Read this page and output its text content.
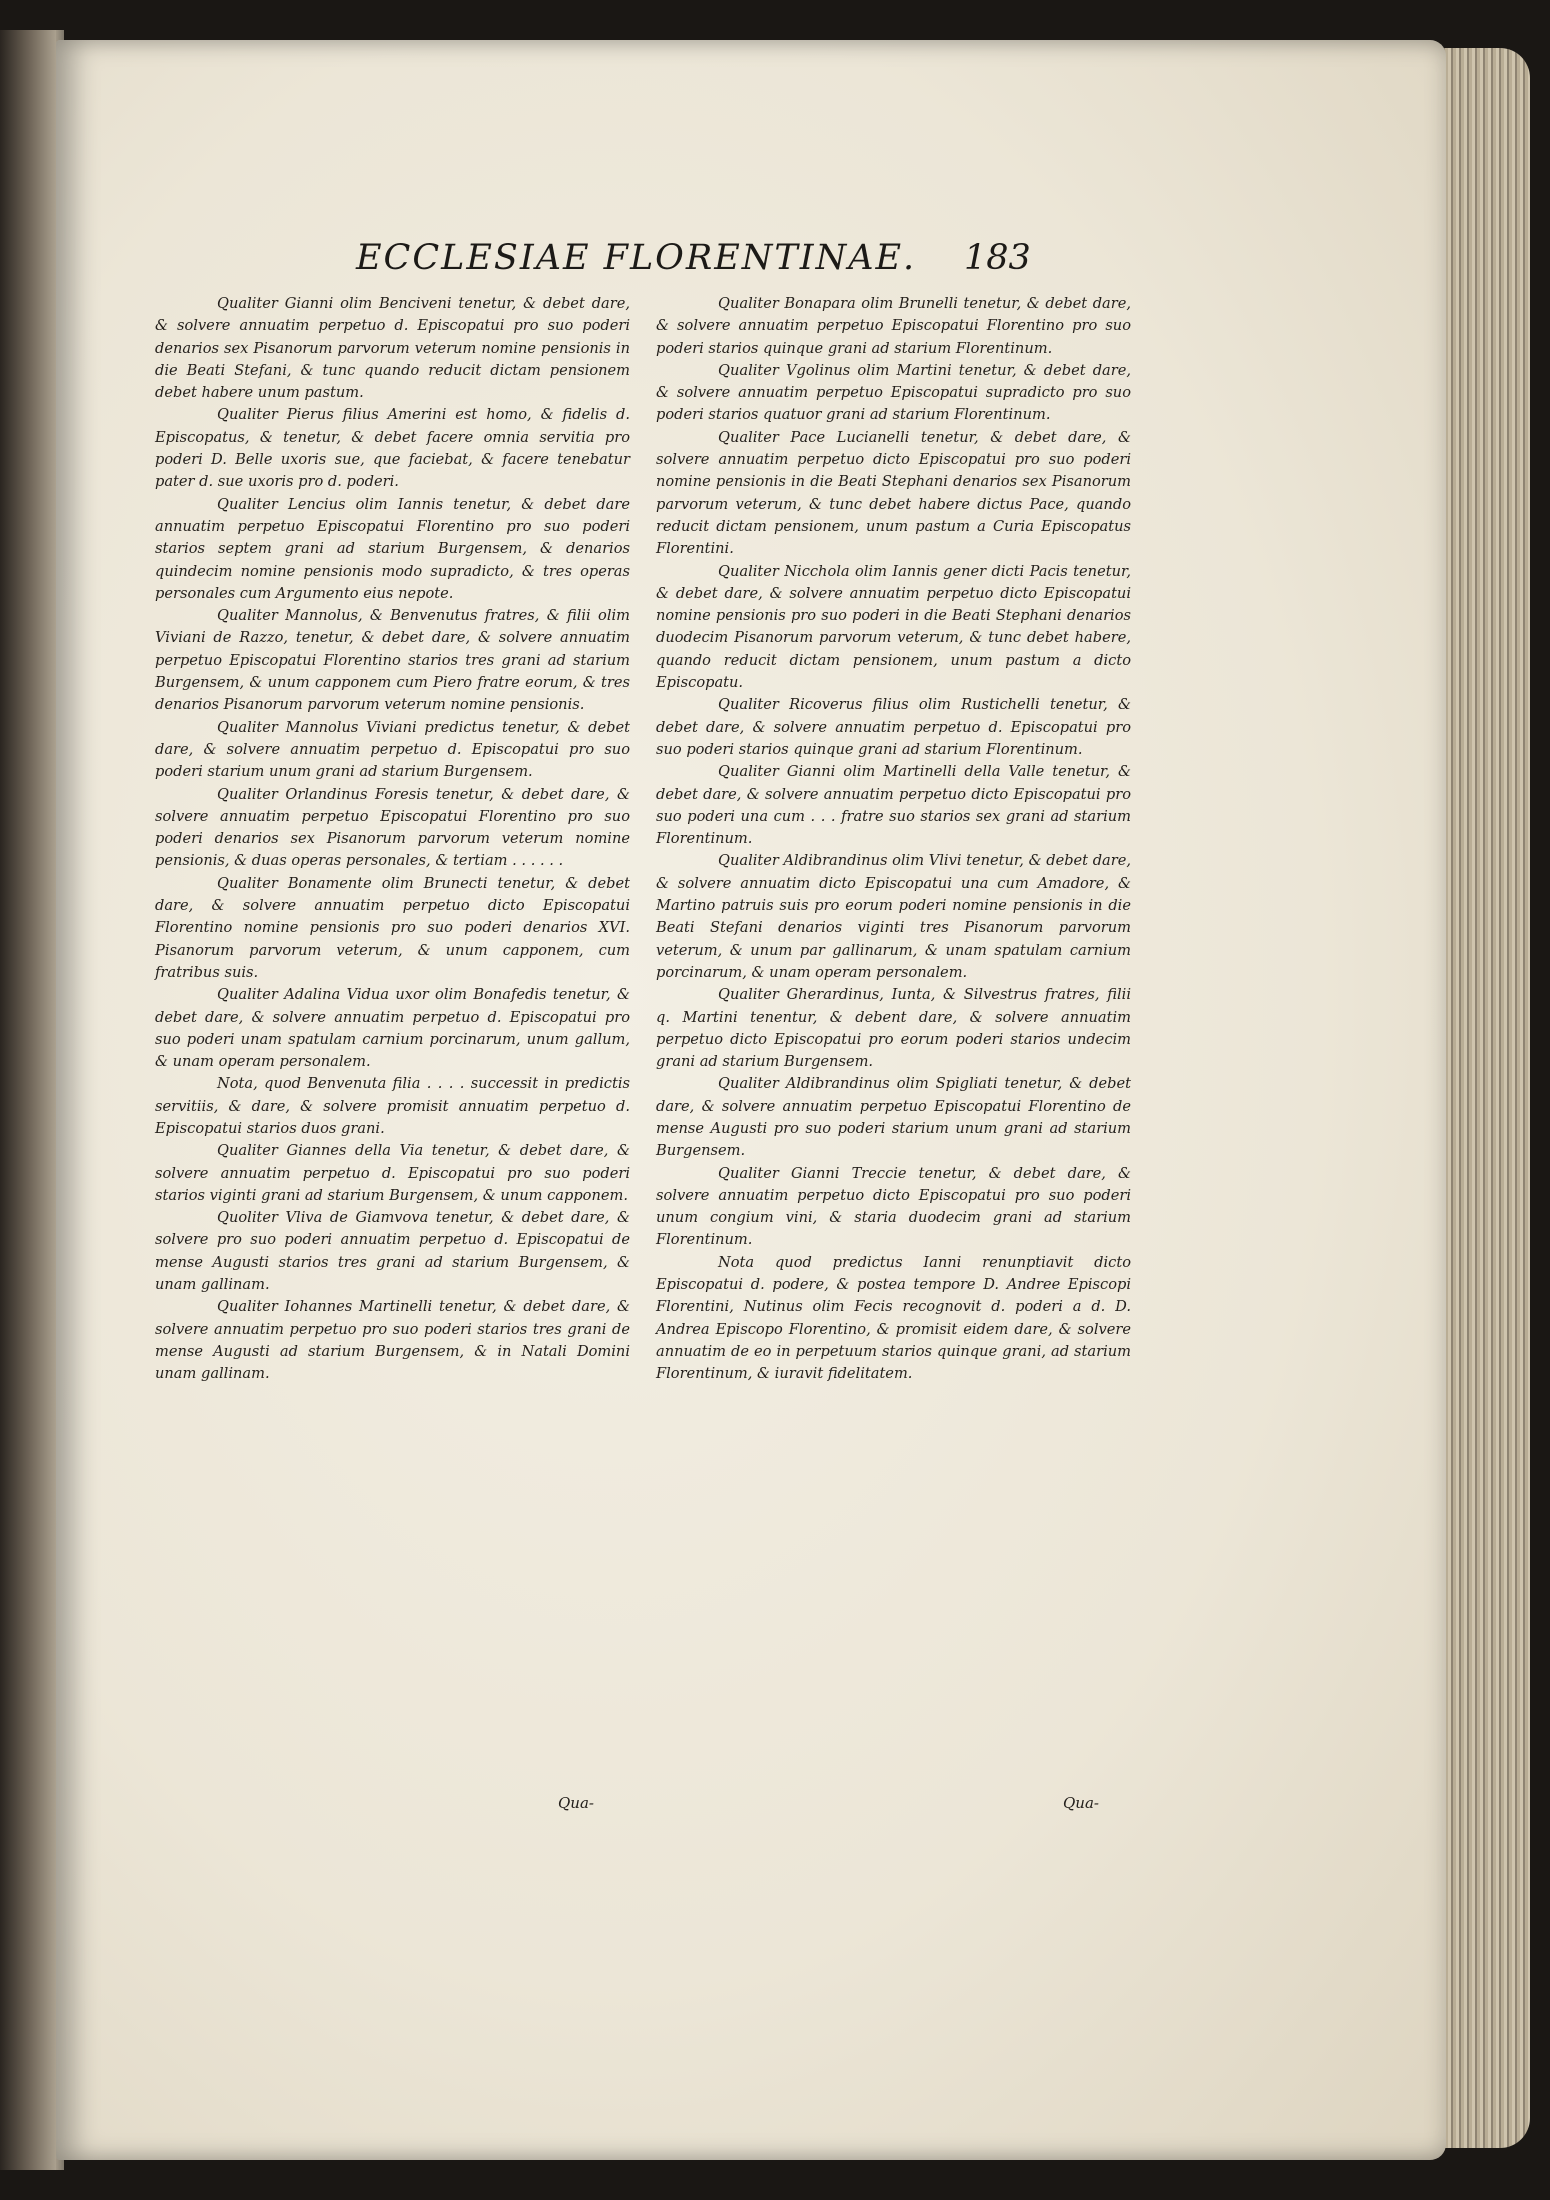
ECCLESIAE FLORENTINAE.	183

Qualiter Gianni olim Benciveni tenetur, & debet dare, & solvere annuatim perpetuo d. Episcopatui pro suo poderi denarios sex Pisanorum parvorum veterum nomine pensionis in die Beati Stefani, & tunc quando reducit dictam pensionem debet habere unum pastum.

Qualiter Pierus filius Amerini est homo, & fidelis d. Episcopatus, & tenetur, & debet facere omnia servitia pro poderi D. Belle uxoris sue, que faciebat, & facere tenebatur pater d. sue uxoris pro d. poderi.

Qualiter Lencius olim Iannis tenetur, & debet dare annuatim perpetuo Episcopatui Florentino pro suo poderi starios septem grani ad starium Burgensem, & denarios quindecim nomine pensionis modo supradicto, & tres operas personales cum Argumento eius nepote.

Qualiter Mannolus, & Benvenutus fratres, & filii olim Viviani de Razzo, tenetur, & debet dare, & solvere annuatim perpetuo Episcopatui Florentino starios tres grani ad starium Burgensem, & unum capponem cum Piero fratre eorum, & tres denarios Pisanorum parvorum veterum nomine pensionis.

Qualiter Mannolus Viviani predictus tenetur, & debet dare, & solvere annuatim perpetuo d. Episcopatui pro suo poderi starium unum grani ad starium Burgensem.

Qualiter Orlandinus Foresis tenetur, & debet dare, & solvere annuatim perpetuo Episcopatui Florentino pro suo poderi denarios sex Pisanorum parvorum veterum nomine pensionis, & duas operas personales, & tertiam . . . . . .

Qualiter Bonamente olim Brunecti tenetur, & debet dare, & solvere annuatim perpetuo dicto Episcopatui Florentino nomine pensionis pro suo poderi denarios XVI. Pisanorum parvorum veterum, & unum capponem, cum fratribus suis.

Qualiter Adalina Vidua uxor olim Bonafedis tenetur, & debet dare, & solvere annuatim perpetuo d. Episcopatui pro suo poderi unam spatulam carnium porcinarum, unum gallum, & unam operam personalem.

Nota, quod Benvenuta filia . . . . successit in predictis servitiis, & dare, & solvere promisit annuatim perpetuo d. Episcopatui starios duos grani.

Qualiter Giannes della Via tenetur, & debet dare, & solvere annuatim perpetuo d. Episcopatui pro suo poderi starios viginti grani ad starium Burgensem, & unum capponem.

Quoliter Vliva de Giamvova tenetur, & debet dare, & solvere pro suo poderi annuatim perpetuo d. Episcopatui de mense Augusti starios tres grani ad starium Burgensem, & unam gallinam.

Qualiter Iohannes Martinelli tenetur, & debet dare, & solvere annuatim perpetuo pro suo poderi starios tres grani de mense Augusti ad starium Burgensem, & in Natali Domini unam gallinam.

Qualiter Bonapara olim Brunelli tenetur, & debet dare, & solvere annuatim perpetuo Episcopatui Florentino pro suo poderi starios quinque grani ad starium Florentinum.

Qualiter Vgolinus olim Martini tenetur, & debet dare, & solvere annuatim perpetuo Episcopatui supradicto pro suo poderi starios quatuor grani ad starium Florentinum.

Qualiter Pace Lucianelli tenetur, & debet dare, & solvere annuatim perpetuo dicto Episcopatui pro suo poderi nomine pensionis in die Beati Stephani denarios sex Pisanorum parvorum veterum, & tunc debet habere dictus Pace, quando reducit dictam pensionem, unum pastum a Curia Episcopatus Florentini.

Qualiter Nicchola olim Iannis gener dicti Pacis tenetur, & debet dare, & solvere annuatim perpetuo dicto Episcopatui nomine pensionis pro suo poderi in die Beati Stephani denarios duodecim Pisanorum parvorum veterum, & tunc debet habere, quando reducit dictam pensionem, unum pastum a dicto Episcopatu.

Qualiter Ricoverus filius olim Rustichelli tenetur, & debet dare, & solvere annuatim perpetuo d. Episcopatui pro suo poderi starios quinque grani ad starium Florentinum.

Qualiter Gianni olim Martinelli della Valle tenetur, & debet dare, & solvere annuatim perpetuo dicto Episcopatui pro suo poderi una cum . . . fratre suo starios sex grani ad starium Florentinum.

Qualiter Aldibrandinus olim Vlivi tenetur, & debet dare, & solvere annuatim dicto Episcopatui una cum Amadore, & Martino patruis suis pro eorum poderi nomine pensionis in die Beati Stefani denarios viginti tres Pisanorum parvorum veterum, & unum par gallinarum, & unam spatulam carnium porcinarum, & unam operam personalem.

Qualiter Gherardinus, Iunta, & Silvestrus fratres, filii q. Martini tenentur, & debent dare, & solvere annuatim perpetuo dicto Episcopatui pro eorum poderi starios undecim grani ad starium Burgensem.

Qualiter Aldibrandinus olim Spigliati tenetur, & debet dare, & solvere annuatim perpetuo Episcopatui Florentino de mense Augusti pro suo poderi starium unum grani ad starium Burgensem.

Qualiter Gianni Treccie tenetur, & debet dare, & solvere annuatim perpetuo dicto Episcopatui pro suo poderi unum congium vini, & stariа duodecim grani ad starium Florentinum.

Nota quod predictus Ianni renunptiavit dicto Episcopatui d. podere, & postea tempore D. Andree Episcopi Florentini, Nutinus olim Fecis recognovit d. poderi a d. D. Andrea Episcopo Florentino, & promisit eidem dare, & solvere annuatim de eo in perpetuum starios quinque grani, ad starium Florentinum, & iuravit fidelitatem.

Qua-	Qua-
